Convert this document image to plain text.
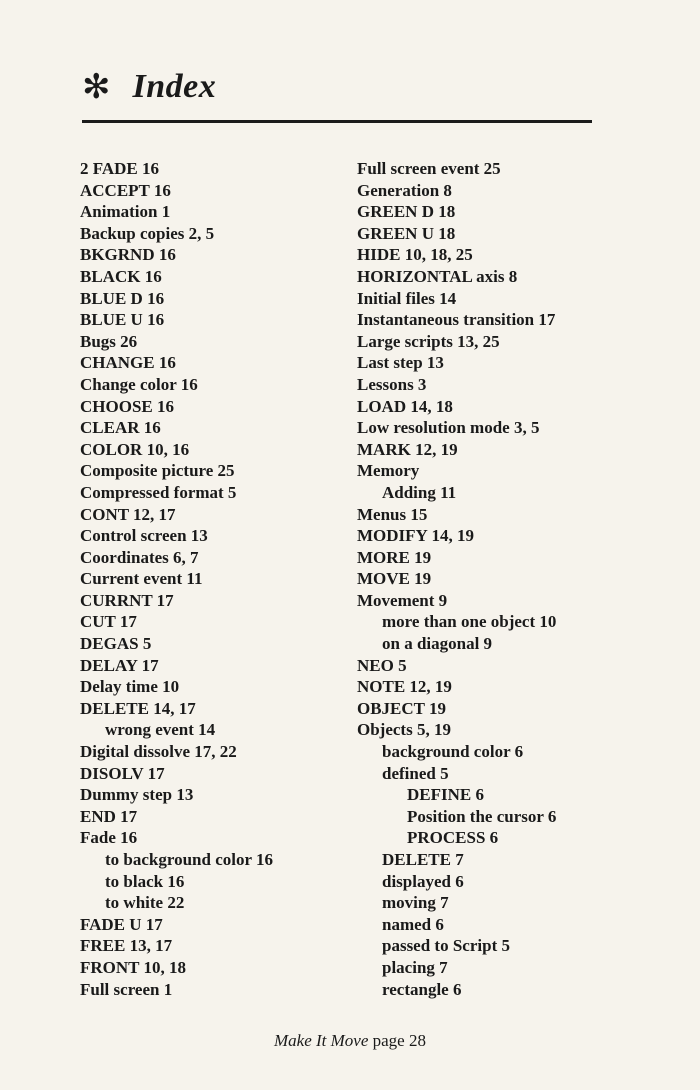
✻ Index
2 FADE 16
ACCEPT 16
Animation 1
Backup copies 2, 5
BKGRND 16
BLACK 16
BLUE D 16
BLUE U 16
Bugs 26
CHANGE 16
Change color 16
CHOOSE 16
CLEAR 16
COLOR 10, 16
Composite picture 25
Compressed format 5
CONT 12, 17
Control screen 13
Coordinates 6, 7
Current event 11
CURRNT 17
CUT 17
DEGAS 5
DELAY 17
Delay time 10
DELETE 14, 17
wrong event 14
Digital dissolve 17, 22
DISOLV 17
Dummy step 13
END 17
Fade 16
to background color 16
to black 16
to white 22
FADE U 17
FREE 13, 17
FRONT 10, 18
Full screen 1
Full screen event 25
Generation 8
GREEN D 18
GREEN U 18
HIDE 10, 18, 25
HORIZONTAL axis 8
Initial files 14
Instantaneous transition 17
Large scripts 13, 25
Last step 13
Lessons 3
LOAD 14, 18
Low resolution mode 3, 5
MARK 12, 19
Memory
Adding 11
Menus 15
MODIFY 14, 19
MORE 19
MOVE 19
Movement 9
more than one object 10
on a diagonal 9
NEO 5
NOTE 12, 19
OBJECT 19
Objects 5, 19
background color 6
defined 5
DEFINE 6
Position the cursor 6
PROCESS 6
DELETE 7
displayed 6
moving 7
named 6
passed to Script 5
placing 7
rectangle 6
Make It Move page 28
